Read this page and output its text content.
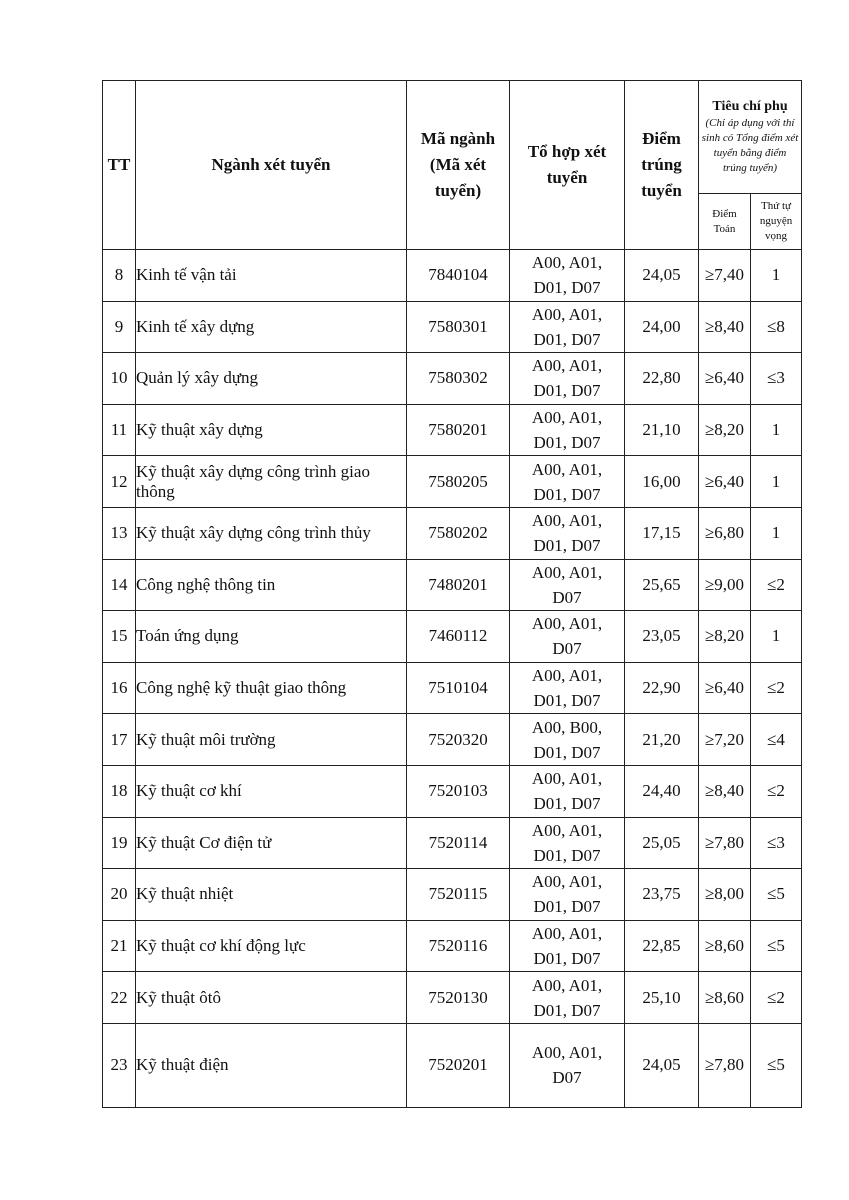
TT	Ngành xét tuyển	Mã ngành (Mã xét tuyển)	Tổ hợp xét tuyển	Điểm trúng tuyển	Tiêu chí phụ
(Chỉ áp dụng với thí sinh có Tổng điểm xét tuyển bằng điểm trúng tuyển)	

					Điểm Toán	Thứ tự nguyện vọng
8	Kinh tế vận tải	7840104	A00, A01, D01, D07	24,05	≥7,40	1
9	Kinh tế xây dựng	7580301	A00, A01, D01, D07	24,00	≥8,40	≤8
10	Quản lý xây dựng	7580302	A00, A01, D01, D07	22,80	≥6,40	≤3
11	Kỹ thuật xây dựng	7580201	A00, A01, D01, D07	21,10	≥8,20	1
12	Kỹ thuật xây dựng công trình giao thông	7580205	A00, A01, D01, D07	16,00	≥6,40	1
13	Kỹ thuật xây dựng công trình thủy	7580202	A00, A01, D01, D07	17,15	≥6,80	1
14	Công nghệ thông tin	7480201	A00, A01, D07	25,65	≥9,00	≤2
15	Toán ứng dụng	7460112	A00, A01, D07	23,05	≥8,20	1
16	Công nghệ kỹ thuật giao thông	7510104	A00, A01, D01, D07	22,90	≥6,40	≤2
17	Kỹ thuật môi trường	7520320	A00, B00, D01, D07	21,20	≥7,20	≤4
18	Kỹ thuật cơ khí	7520103	A00, A01, D01, D07	24,40	≥8,40	≤2
19	Kỹ thuật Cơ điện tử	7520114	A00, A01, D01, D07	25,05	≥7,80	≤3
20	Kỹ thuật nhiệt	7520115	A00, A01, D01, D07	23,75	≥8,00	≤5
21	Kỹ thuật cơ khí động lực	7520116	A00, A01, D01, D07	22,85	≥8,60	≤5
22	Kỹ thuật ôtô	7520130	A00, A01, D01, D07	25,10	≥8,60	≤2
23	Kỹ thuật điện	7520201	A00, A01, D07	24,05	≥7,80	≤5
